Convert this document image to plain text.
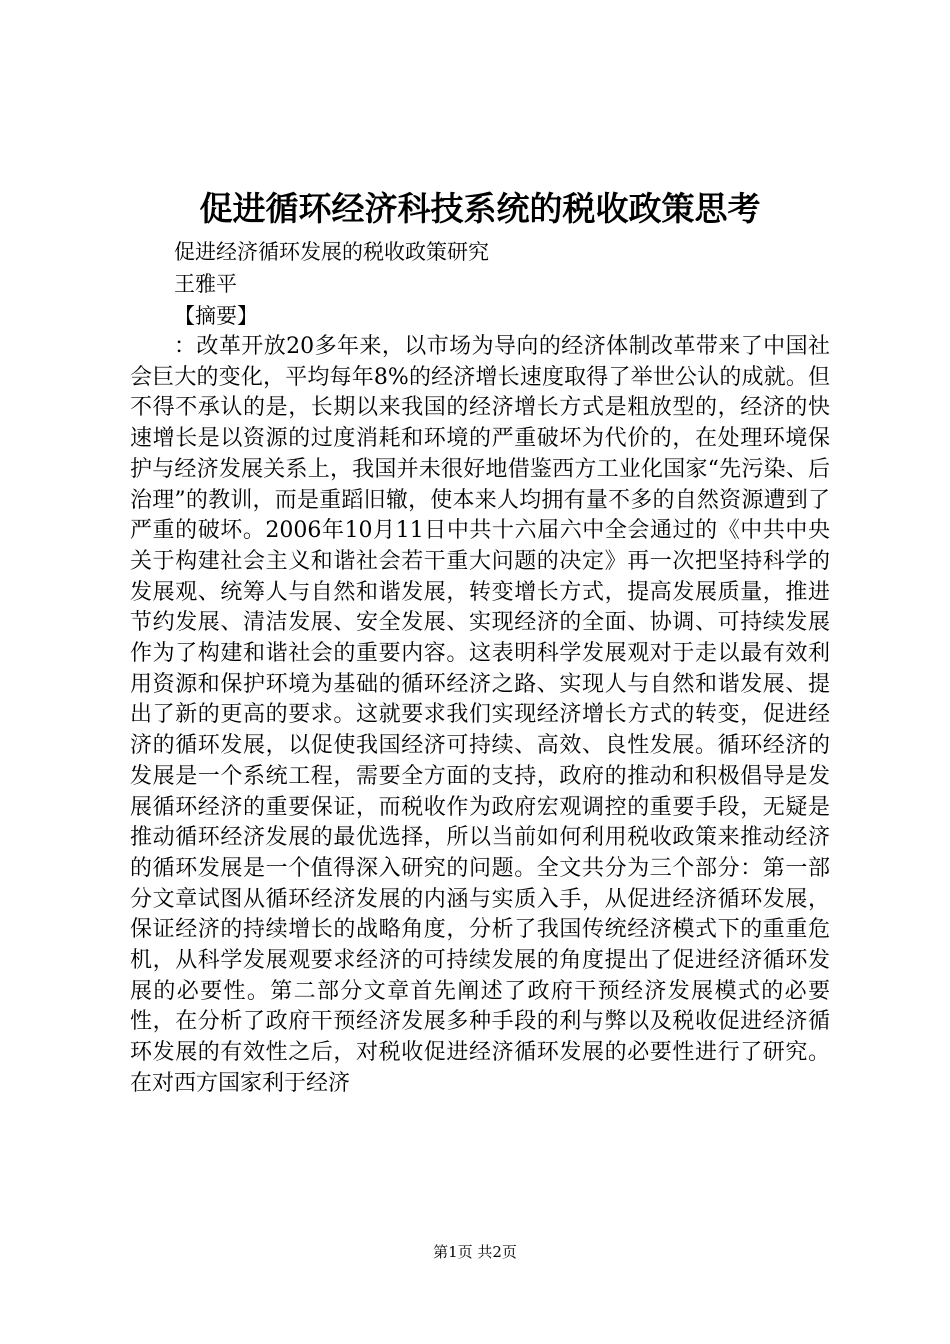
促进循环经济科技系统的税收政策思考
促进经济循环发展的税收政策研究
王雅平
【摘要】

：改革开放20多年来，以市场为导向的经济体制改革带来了中国社会巨大的变化，平均每年8%的经济增长速度取得了举世公认的成就。但不得不承认的是，长期以来我国的经济增长方式是粗放型的，经济的快速增长是以资源的过度消耗和环境的严重破坏为代价的，在处理环境保护与经济发展关系上，我国并未很好地借鉴西方工业化国家“先污染、后治理”的教训，而是重蹈旧辙，使本来人均拥有量不多的自然资源遭到了严重的破坏。2006年10月11日中共十六届六中全会通过的《中共中央关于构建社会主义和谐社会若干重大问题的决定》再一次把坚持科学的发展观、统筹人与自然和谐发展，转变增长方式，提高发展质量，推进节约发展、清洁发展、安全发展、实现经济的全面、协调、可持续发展作为了构建和谐社会的重要内容。这表明科学发展观对于走以最有效利用资源和保护环境为基础的循环经济之路、实现人与自然和谐发展、提出了新的更高的要求。这就要求我们实现经济增长方式的转变，促进经济的循环发展，以促使我国经济可持续、高效、良性发展。循环经济的发展是一个系统工程，需要全方面的支持，政府的推动和积极倡导是发展循环经济的重要保证，而税收作为政府宏观调控的重要手段，无疑是推动循环经济发展的最优选择，所以当前如何利用税收政策来推动经济的循环发展是一个值得深入研究的问题。全文共分为三个部分：第一部分文章试图从循环经济发展的内涵与实质入手，从促进经济循环发展，保证经济的持续增长的战略角度，分析了我国传统经济模式下的重重危机，从科学发展观要求经济的可持续发展的角度提出了促进经济循环发展的必要性。第二部分文章首先阐述了政府干预经济发展模式的必要性，在分析了政府干预经济发展多种手段的利与弊以及税收促进经济循环发展的有效性之后，对税收促进经济循环发展的必要性进行了研究。在对西方国家利于经济

第1页 共2页
